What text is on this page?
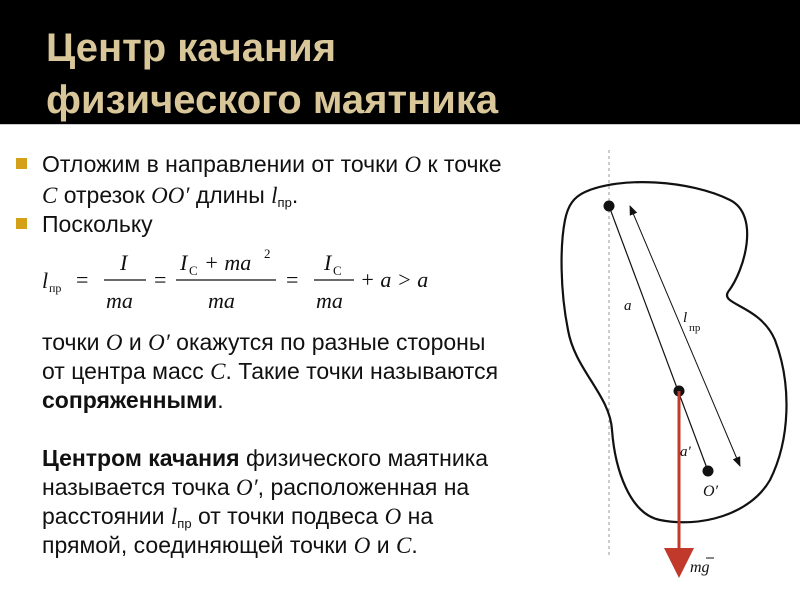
Центр качания
физического маятника
Отложим в направлении от точки O к точке
C отрезок OO′ длины $l_{пр}$.
Поскольку
l пр =
I
ma
=
I C + ma 2
ma
=
I C
ma
+ a > a
точки O и O′ окажутся по разные стороны
от центра масс C. Такие точки называются
сопряженными.
Центром качания физического маятника
называется точка O′, расположенная на
расстоянии $l_{пр}$ от точки подвеса O на
прямой, соединяющей точки O и C.
a
l
пр
a′
O′
mg
